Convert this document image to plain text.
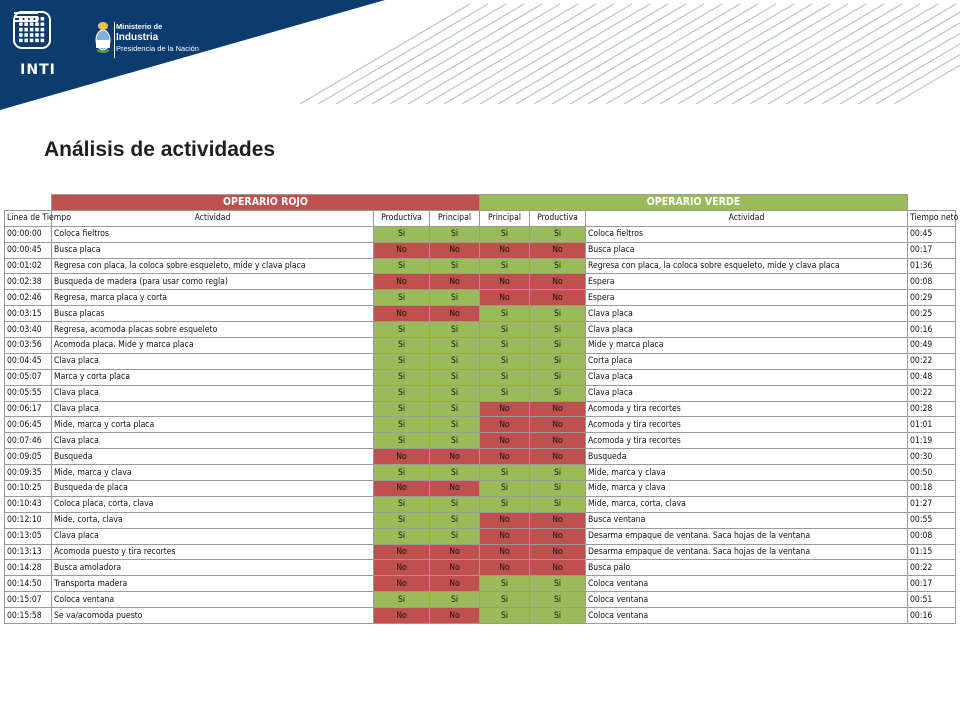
INTI
Ministerio de
Industria
Presidencia de la Nación
Análisis de actividades
	OPERARIO ROJO			OPERARIO VERDE			
Linea de Tiempo	Actividad	Productiva	Principal	Principal	Productiva	Actividad	Tiempo neto
00:00:00	Coloca fieltros	Si	Si	Si	Si	Coloca fieltros	00:45
00:00:45	Busca placa	No	No	No	No	Busca placa	00:17
00:01:02	Regresa con placa, la coloca sobre esqueleto, mide y clava placa	Si	Si	Si	Si	Regresa con placa, la coloca sobre esqueleto, mide y clava placa	01:36
00:02:38	Busqueda de madera (para usar como regla)	No	No	No	No	Espera	00:08
00:02:46	Regresa, marca placa y corta	Si	Si	No	No	Espera	00:29
00:03:15	Busca placas	No	No	Si	Si	Clava placa	00:25
00:03:40	Regresa, acomoda placas sobre esqueleto	Si	Si	Si	Si	Clava placa	00:16
00:03:56	Acomoda placa. Mide y marca placa	Si	Si	Si	Si	Mide y marca placa	00:49
00:04:45	Clava placa	Si	Si	Si	Si	Corta placa	00:22
00:05:07	Marca y corta placa	Si	Si	Si	Si	Clava placa	00:48
00:05:55	Clava placa	Si	Si	Si	Si	Clava placa	00:22
00:06:17	Clava placa	Si	Si	No	No	Acomoda y tira recortes	00:28
00:06:45	Mide, marca y corta placa	Si	Si	No	No	Acomoda y tira recortes	01:01
00:07:46	Clava placa	Si	Si	No	No	Acomoda y tira recortes	01:19
00:09:05	Busqueda	No	No	No	No	Busqueda	00:30
00:09:35	Mide, marca y clava	Si	Si	Si	Si	Mide, marca y clava	00:50
00:10:25	Busqueda de placa	No	No	Si	Si	Mide, marca y clava	00:18
00:10:43	Coloca placa, corta, clava	Si	Si	Si	Si	Mide, marca, corta, clava	01:27
00:12:10	Mide, corta, clava	Si	Si	No	No	Busca ventana	00:55
00:13:05	Clava placa	Si	Si	No	No	Desarma empaque de ventana. Saca hojas de la ventana	00:08
00:13:13	Acomoda puesto y tira recortes	No	No	No	No	Desarma empaque de ventana. Saca hojas de la ventana	01:15
00:14:28	Busca amoladora	No	No	No	No	Busca palo	00:22
00:14:50	Transporta madera	No	No	Si	Si	Coloca ventana	00:17
00:15:07	Coloca ventana	Si	Si	Si	Si	Coloca ventana	00:51
00:15:58	Se va/acomoda puesto	No	No	Si	Si	Coloca ventana	00:16
